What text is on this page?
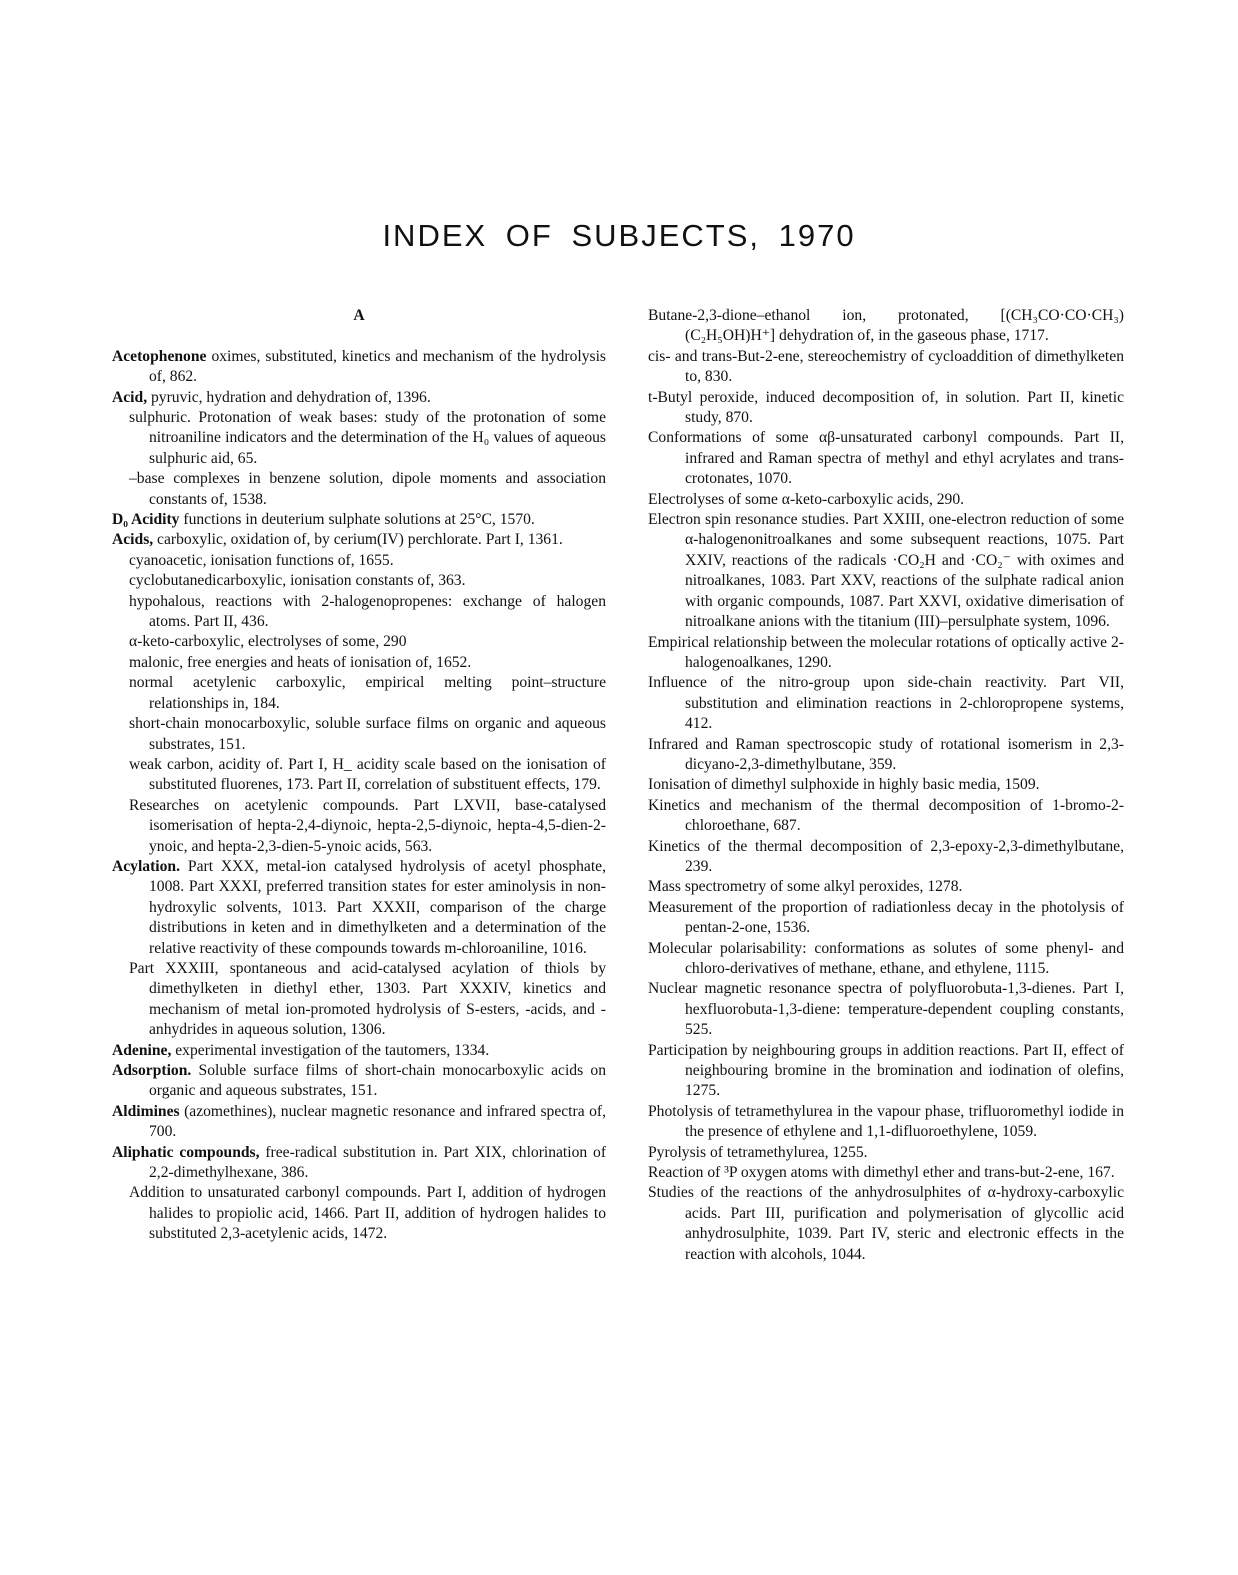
INDEX OF SUBJECTS, 1970
A

Acetophenone oximes, substituted, kinetics and mechanism of the hydrolysis of, 862.

Acid, pyruvic, hydration and dehydration of, 1396.

sulphuric. Protonation of weak bases: study of the protonation of some nitroaniline indicators and the determination of the H₀ values of aqueous sulphuric aid, 65.

–base complexes in benzene solution, dipole moments and association constants of, 1538.

D₀ Acidity functions in deuterium sulphate solutions at 25°C, 1570.

Acids, carboxylic, oxidation of, by cerium(IV) perchlorate. Part I, 1361.

cyanoacetic, ionisation functions of, 1655.

cyclobutanedicarboxylic, ionisation constants of, 363.

hypohalous, reactions with 2-halogenopropenes: exchange of halogen atoms. Part II, 436.

α-keto-carboxylic, electrolyses of some, 290

malonic, free energies and heats of ionisation of, 1652.

normal acetylenic carboxylic, empirical melting point–structure relationships in, 184.

short-chain monocarboxylic, soluble surface films on organic and aqueous substrates, 151.

weak carbon, acidity of. Part I, H_ acidity scale based on the ionisation of substituted fluorenes, 173. Part II, correlation of substituent effects, 179.

Researches on acetylenic compounds. Part LXVII, base-catalysed isomerisation of hepta-2,4-diynoic, hepta-2,5-diynoic, hepta-4,5-dien-2-ynoic, and hepta-2,3-dien-5-ynoic acids, 563.

Acylation. Part XXX, metal-ion catalysed hydrolysis of acetyl phosphate, 1008. Part XXXI, preferred transition states for ester aminolysis in non-hydroxylic solvents, 1013. Part XXXII, comparison of the charge distributions in keten and in dimethylketen and a determination of the relative reactivity of these compounds towards m-chloroaniline, 1016.

Part XXXIII, spontaneous and acid-catalysed acylation of thiols by dimethylketen in diethyl ether, 1303. Part XXXIV, kinetics and mechanism of metal ion-promoted hydrolysis of S-esters, -acids, and -anhydrides in aqueous solution, 1306.

Adenine, experimental investigation of the tautomers, 1334.

Adsorption. Soluble surface films of short-chain monocarboxylic acids on organic and aqueous substrates, 151.

Aldimines (azomethines), nuclear magnetic resonance and infrared spectra of, 700.

Aliphatic compounds, free-radical substitution in. Part XIX, chlorination of 2,2-dimethylhexane, 386.

Addition to unsaturated carbonyl compounds. Part I, addition of hydrogen halides to propiolic acid, 1466. Part II, addition of hydrogen halides to substituted 2,3-acetylenic acids, 1472.

Butane-2,3-dione–ethanol ion, protonated, [(CH₃CO·CO·CH₃)(C₂H₅OH)H⁺] dehydration of, in the gaseous phase, 1717.

cis- and trans-But-2-ene, stereochemistry of cycloaddition of dimethylketen to, 830.

t-Butyl peroxide, induced decomposition of, in solution. Part II, kinetic study, 870.

Conformations of some αβ-unsaturated carbonyl compounds. Part II, infrared and Raman spectra of methyl and ethyl acrylates and trans-crotonates, 1070.

Electrolyses of some α-keto-carboxylic acids, 290.

Electron spin resonance studies. Part XXIII, one-electron reduction of some α-halogenonitroalkanes and some subsequent reactions, 1075. Part XXIV, reactions of the radicals ·CO₂H and ·CO₂⁻ with oximes and nitroalkanes, 1083. Part XXV, reactions of the sulphate radical anion with organic compounds, 1087. Part XXVI, oxidative dimerisation of nitroalkane anions with the titanium (III)–persulphate system, 1096.

Empirical relationship between the molecular rotations of optically active 2-halogenoalkanes, 1290.

Influence of the nitro-group upon side-chain reactivity. Part VII, substitution and elimination reactions in 2-chloropropene systems, 412.

Infrared and Raman spectroscopic study of rotational isomerism in 2,3-dicyano-2,3-dimethylbutane, 359.

Ionisation of dimethyl sulphoxide in highly basic media, 1509.

Kinetics and mechanism of the thermal decomposition of 1-bromo-2-chloroethane, 687.

Kinetics of the thermal decomposition of 2,3-epoxy-2,3-dimethylbutane, 239.

Mass spectrometry of some alkyl peroxides, 1278.

Measurement of the proportion of radiationless decay in the photolysis of pentan-2-one, 1536.

Molecular polarisability: conformations as solutes of some phenyl- and chloro-derivatives of methane, ethane, and ethylene, 1115.

Nuclear magnetic resonance spectra of polyfluorobuta-1,3-dienes. Part I, hexfluorobuta-1,3-diene: temperature-dependent coupling constants, 525.

Participation by neighbouring groups in addition reactions. Part II, effect of neighbouring bromine in the bromination and iodination of olefins, 1275.

Photolysis of tetramethylurea in the vapour phase, trifluoromethyl iodide in the presence of ethylene and 1,1-difluoroethylene, 1059.

Pyrolysis of tetramethylurea, 1255.

Reaction of ³P oxygen atoms with dimethyl ether and trans-but-2-ene, 167.

Studies of the reactions of the anhydrosulphites of α-hydroxy-carboxylic acids. Part III, purification and polymerisation of glycollic acid anhydrosulphite, 1039. Part IV, steric and electronic effects in the reaction with alcohols, 1044.
